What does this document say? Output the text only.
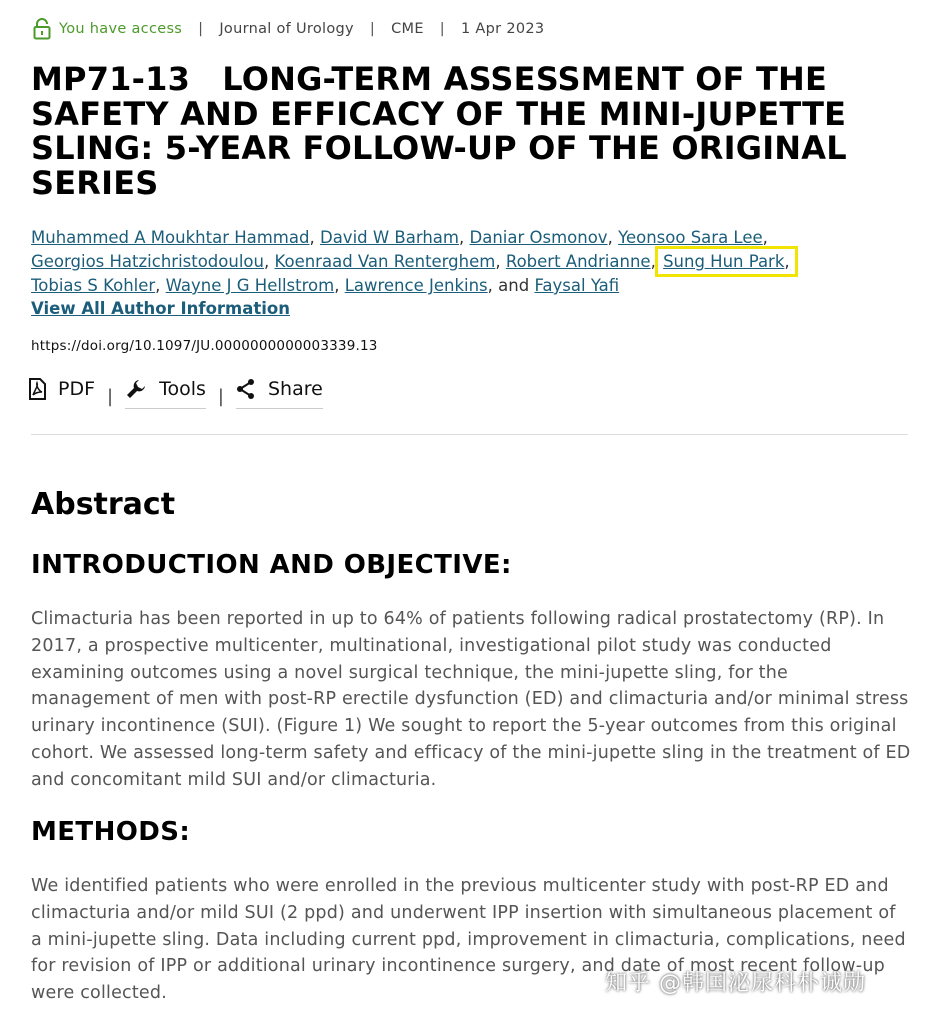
You have access | Journal of Urology | CME | 1 Apr 2023
MP71-13 LONG-TERM ASSESSMENT OF THE SAFETY AND EFFICACY OF THE MINI-JUPETTE SLING: 5-YEAR FOLLOW-UP OF THE ORIGINAL SERIES
Muhammed A Moukhtar Hammad, David W Barham, Daniar Osmonov, Yeonsoo Sara Lee,
Georgios Hatzichristodoulou, Koenraad Van Renterghem, Robert Andrianne, Sung Hun Park,
Tobias S Kohler, Wayne J G Hellstrom, Lawrence Jenkins, and Faysal Yafi
View All Author Information
https://doi.org/10.1097/JU.0000000000003339.13
PDF | Tools | Share
Abstract
INTRODUCTION AND OBJECTIVE:

Climacturia has been reported in up to 64% of patients following radical prostatectomy (RP). In 2017, a prospective multicenter, multinational, investigational pilot study was conducted examining outcomes using a novel surgical technique, the mini-jupette sling, for the management of men with post-RP erectile dysfunction (ED) and climacturia and/or minimal stress urinary incontinence (SUI). (Figure 1) We sought to report the 5-year outcomes from this original cohort. We assessed long-term safety and efficacy of the mini-jupette sling in the treatment of ED and concomitant mild SUI and/or climacturia.

METHODS:

We identified patients who were enrolled in the previous multicenter study with post-RP ED and climacturia and/or mild SUI (2 ppd) and underwent IPP insertion with simultaneous placement of a mini-jupette sling. Data including current ppd, improvement in climacturia, complications, need for revision of IPP or additional urinary incontinence surgery, and date of most recent follow-up were collected.	知乎 @韩国泌尿科朴诚勋
